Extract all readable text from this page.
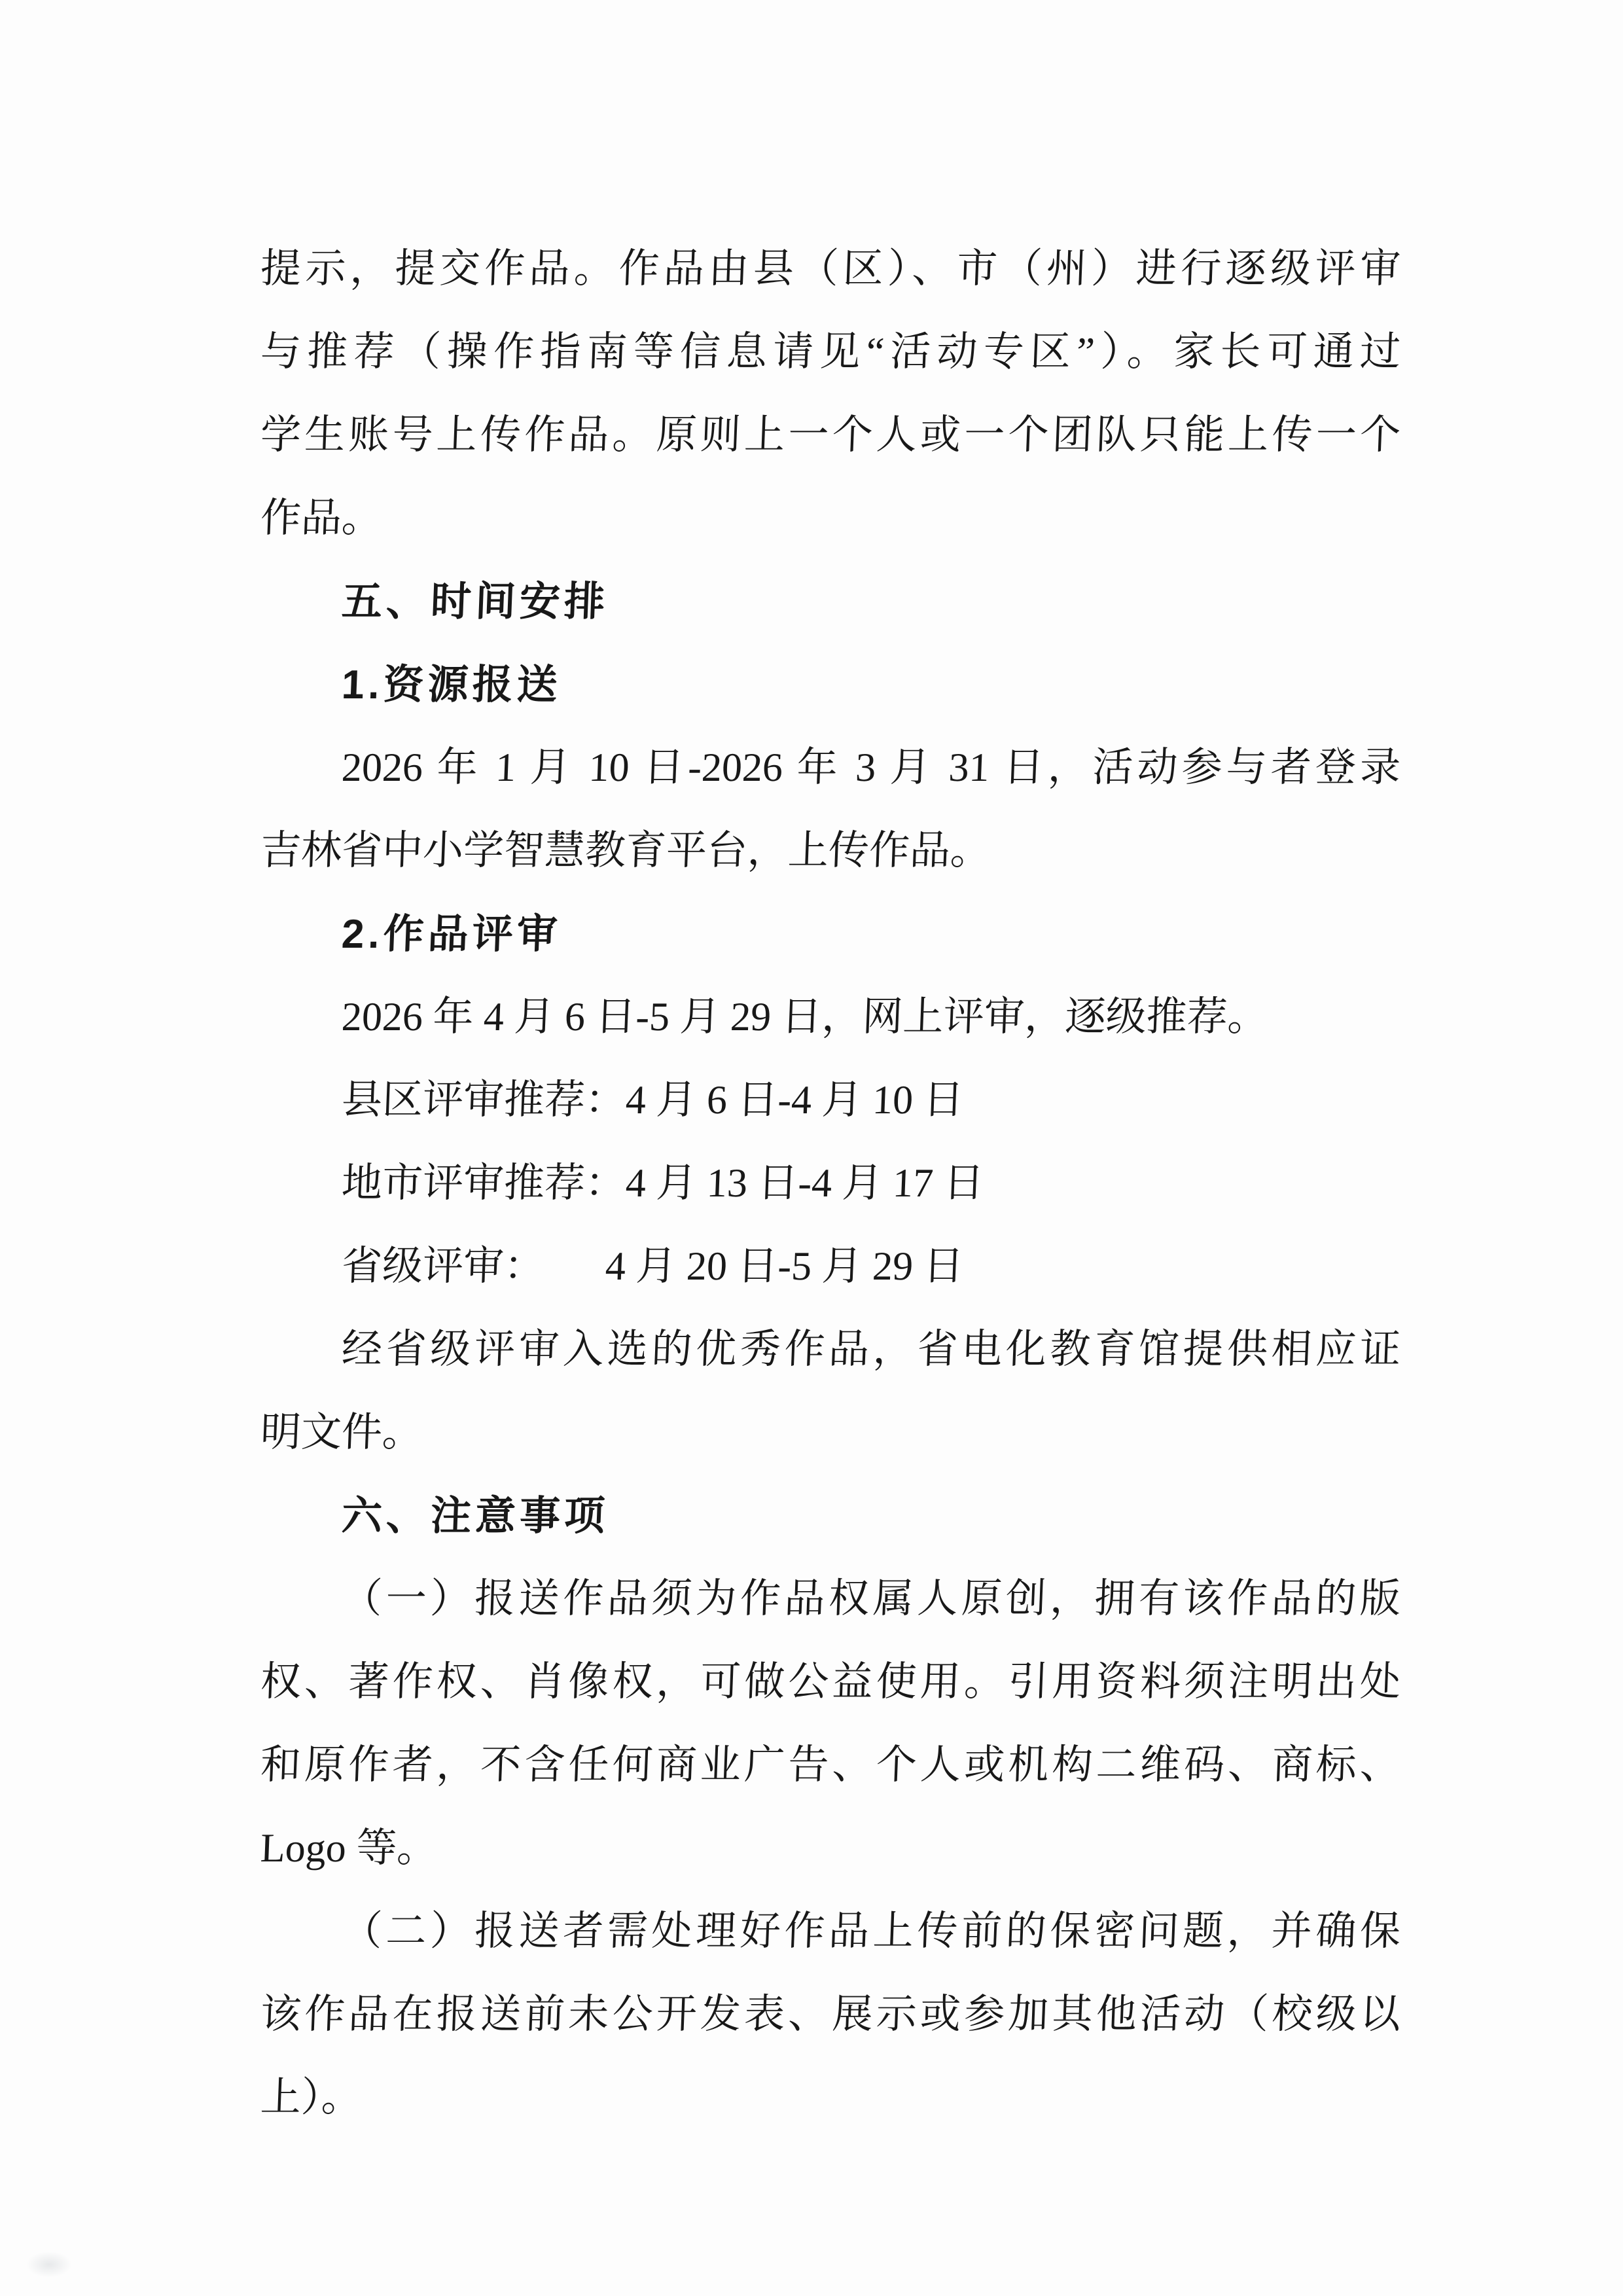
提示，提交作品。作品由县（区）、市（州）进行逐级评审
与推荐（操作指南等信息请见“活动专区”）。家长可通过
学生账号上传作品。原则上一个人或一个团队只能上传一个
作品。
五、时间安排
1.资源报送
2026 年 1 月 10 日-2026 年 3 月 31 日，活动参与者登录
吉林省中小学智慧教育平台，上传作品。
2.作品评审
2026 年 4 月 6 日-5 月 29 日，网上评审，逐级推荐。
县区评审推荐：4 月 6 日-4 月 10 日
地市评审推荐：4 月 13 日-4 月 17 日
省级评审：　　4 月 20 日-5 月 29 日
经省级评审入选的优秀作品，省电化教育馆提供相应证
明文件。
六、注意事项
（一）报送作品须为作品权属人原创，拥有该作品的版
权、著作权、肖像权，可做公益使用。引用资料须注明出处
和原作者，不含任何商业广告、个人或机构二维码、商标、
Logo 等。
（二）报送者需处理好作品上传前的保密问题，并确保
该作品在报送前未公开发表、展示或参加其他活动（校级以
上）。
